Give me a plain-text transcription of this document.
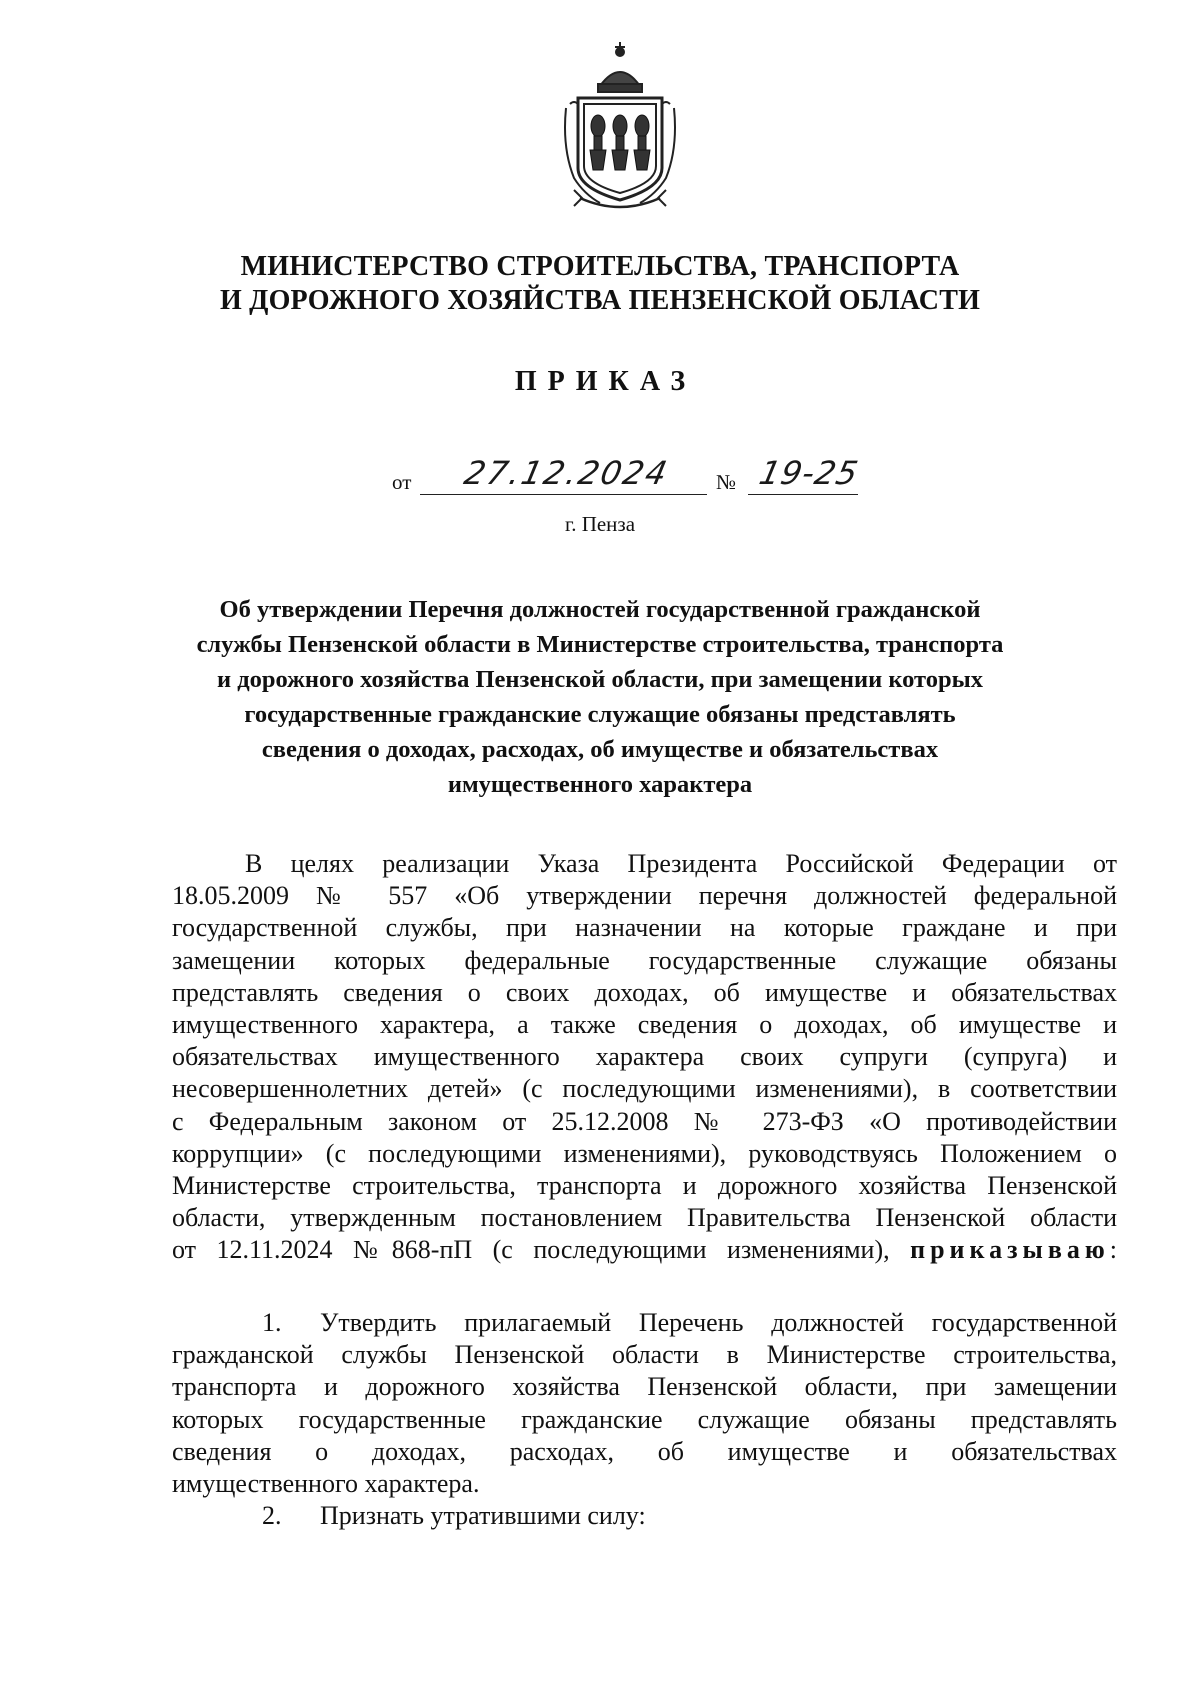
МИНИСТЕРСТВО СТРОИТЕЛЬСТВА, ТРАНСПОРТА
И ДОРОЖНОГО ХОЗЯЙСТВА ПЕНЗЕНСКОЙ ОБЛАСТИ
ПРИКАЗ
от 27.12.2024 № 19-25
г. Пенза
Об утверждении Перечня должностей государственной гражданской
службы Пензенской области в Министерстве строительства, транспорта
и дорожного хозяйства Пензенской области, при замещении которых
государственные гражданские служащие обязаны представлять
сведения о доходах, расходах, об имуществе и обязательствах
имущественного характера
В целях реализации Указа Президента Российской Федерации от
18.05.2009 № 557 «Об утверждении перечня должностей федеральной
государственной службы, при назначении на которые граждане и при
замещении которых федеральные государственные служащие обязаны
представлять сведения о своих доходах, об имуществе и обязательствах
имущественного характера, а также сведения о доходах, об имуществе и
обязательствах имущественного характера своих супруги (супруга) и
несовершеннолетних детей» (с последующими изменениями), в соответствии
с Федеральным законом от 25.12.2008 № 273-ФЗ «О противодействии
коррупции» (с последующими изменениями), руководствуясь Положением о
Министерстве строительства, транспорта и дорожного хозяйства Пензенской
области, утвержденным постановлением Правительства Пензенской области
от 12.11.2024 №868-пП (с последующими изменениями), приказываю:
1. Утвердить прилагаемый Перечень должностей государственной
гражданской службы Пензенской области в Министерстве строительства,
транспорта и дорожного хозяйства Пензенской области, при замещении
которых государственные гражданские служащие обязаны представлять
сведения о доходах, расходах, об имуществе и обязательствах
имущественного характера.
2. Признать утратившими силу:
